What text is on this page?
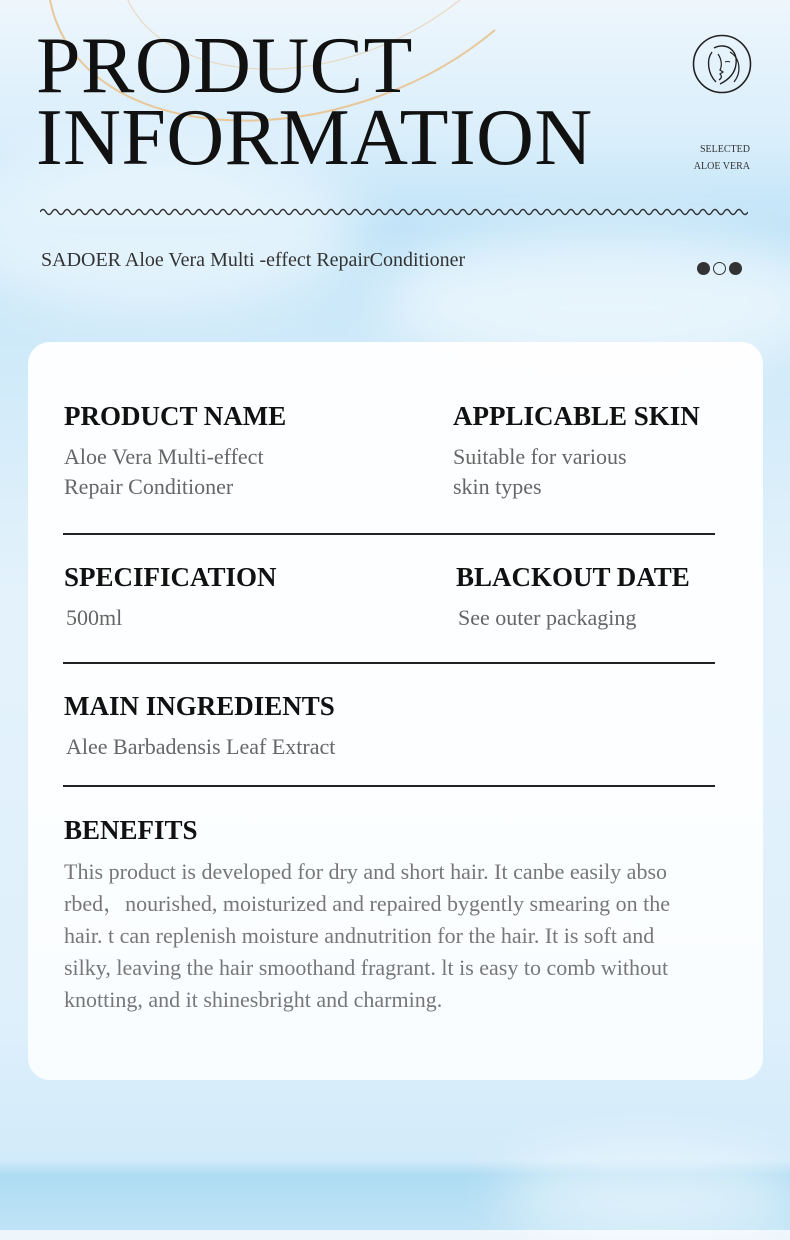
PRODUCT
INFORMATION	SELECTED
ALOE VERA
SADOER Aloe Vera Multi -effect RepairConditioner
PRODUCT NAME
Aloe Vera Multi-effect
Repair Conditioner
APPLICABLE SKIN
Suitable for various
skin types
SPECIFICATION
500ml
BLACKOUT DATE
See outer packaging
MAIN INGREDIENTS
Alee Barbadensis Leaf Extract
BENEFITS
This product is developed for dry and short hair. It canbe easily abso
rbed，nourished, moisturized and repaired bygently smearing on the
hair. t can replenish moisture andnutrition for the hair. It is soft and
silky, leaving the hair smoothand fragrant. lt is easy to comb without
knotting, and it shinesbright and charming.
